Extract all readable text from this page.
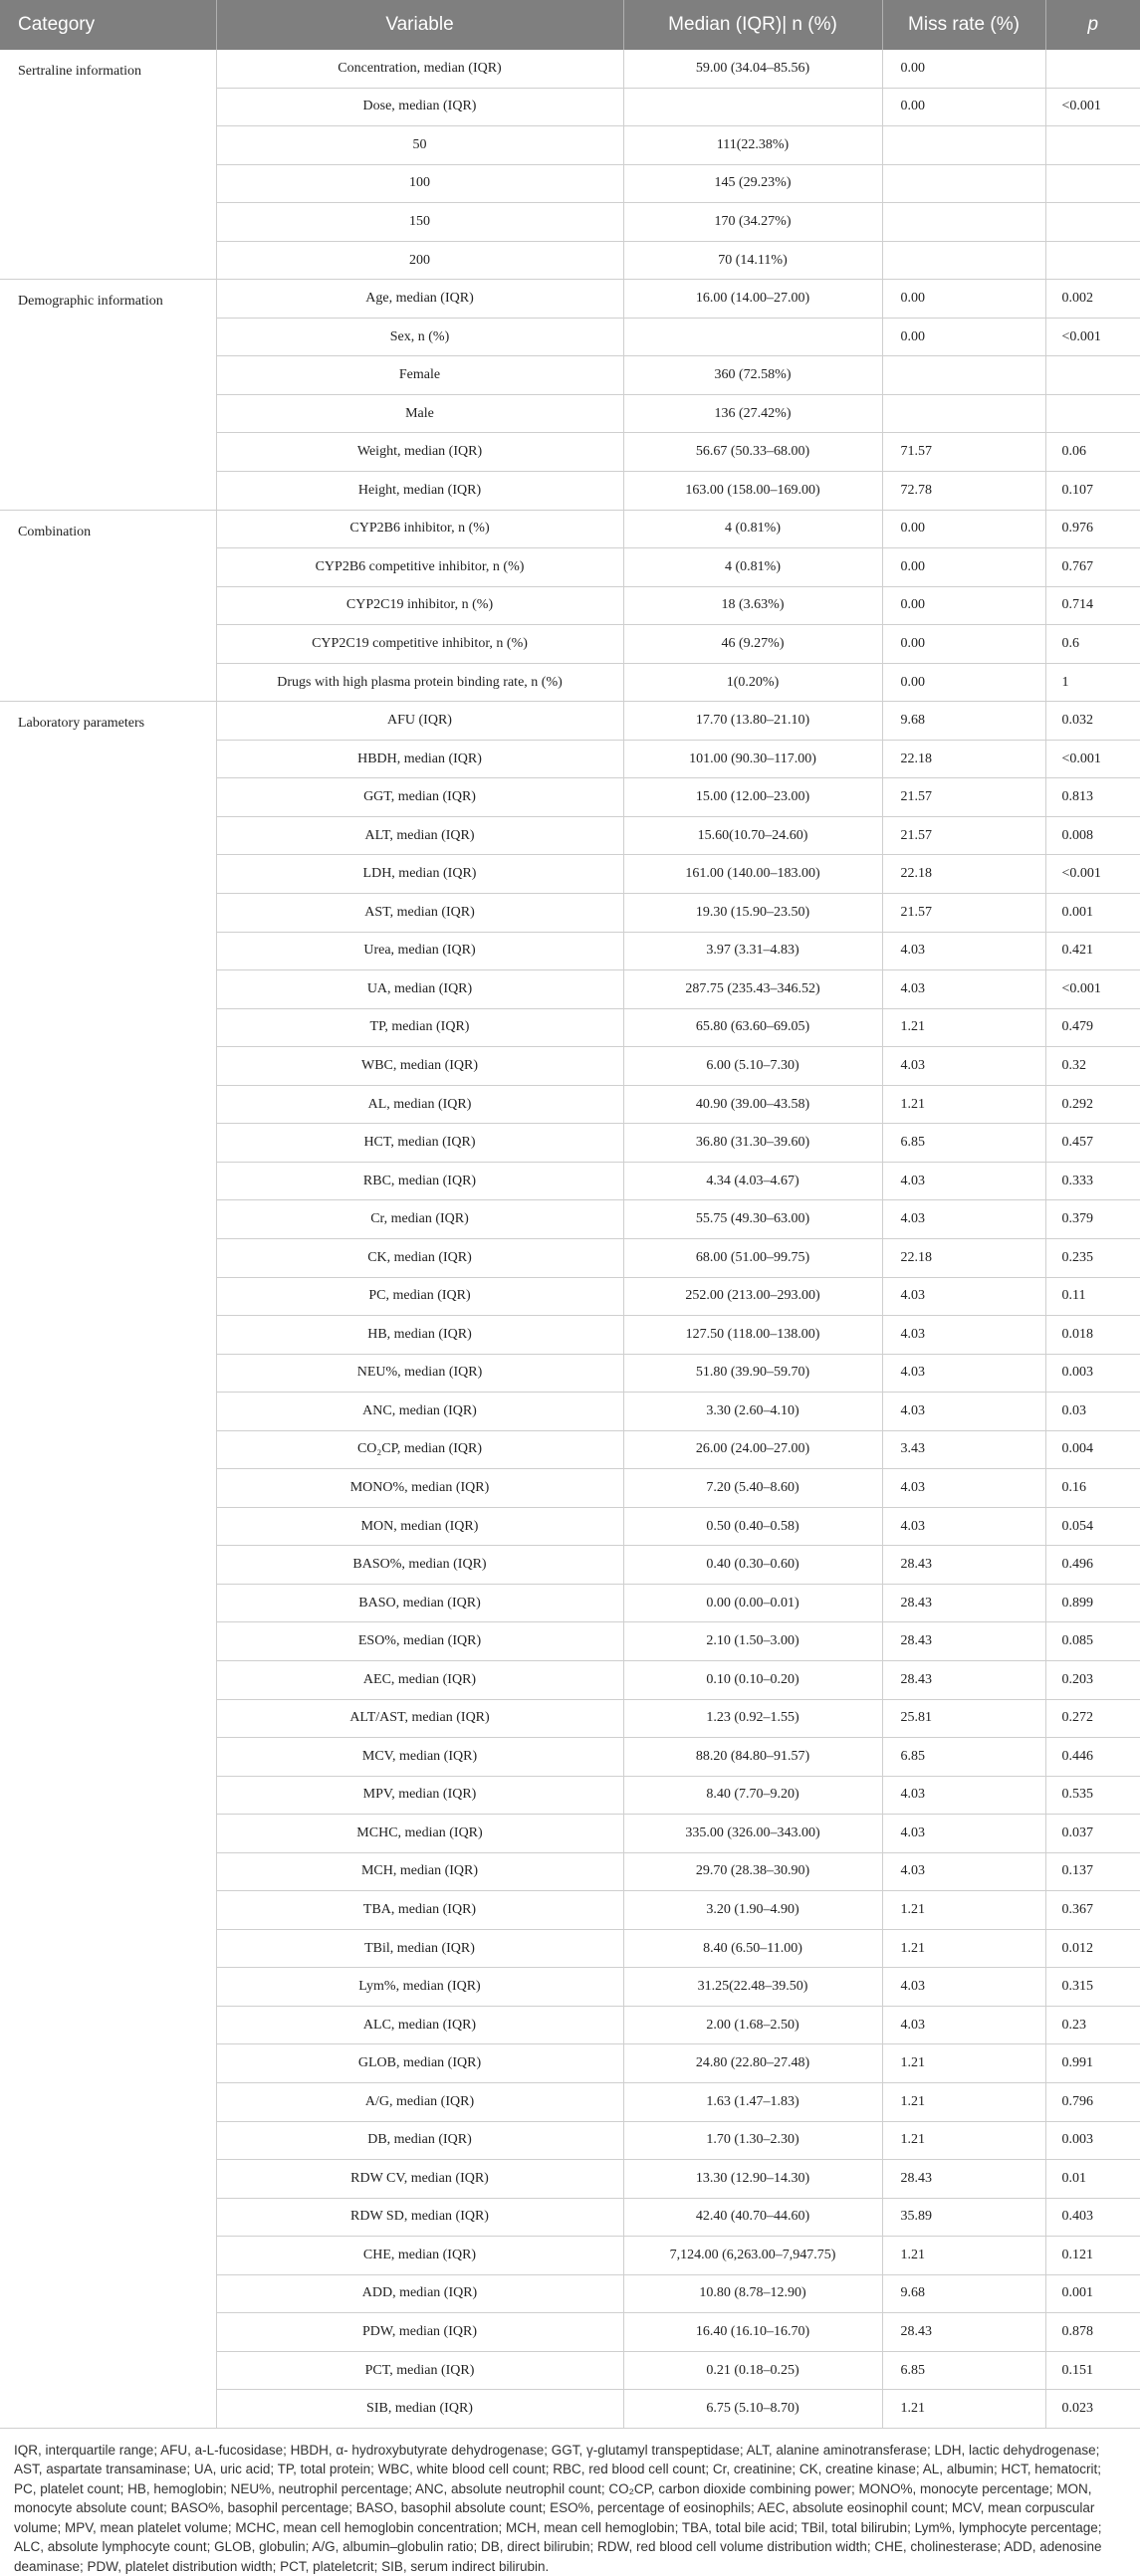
Category	Variable	Median (IQR)| n (%)	Miss rate (%)	p
Sertraline information	Concentration, median (IQR)	59.00 (34.04–85.56)	0.00	
	Dose, median (IQR)		0.00	<0.001
	50	111(22.38%)		
	100	145 (29.23%)		
	150	170 (34.27%)		
	200	70 (14.11%)		
Demographic information	Age, median (IQR)	16.00 (14.00–27.00)	0.00	0.002
	Sex, n (%)		0.00	<0.001
	Female	360 (72.58%)		
	Male	136 (27.42%)		
	Weight, median (IQR)	56.67 (50.33–68.00)	71.57	0.06
	Height, median (IQR)	163.00 (158.00–169.00)	72.78	0.107
Combination	CYP2B6 inhibitor, n (%)	4 (0.81%)	0.00	0.976
	CYP2B6 competitive inhibitor, n (%)	4 (0.81%)	0.00	0.767
	CYP2C19 inhibitor, n (%)	18 (3.63%)	0.00	0.714
	CYP2C19 competitive inhibitor, n (%)	46 (9.27%)	0.00	0.6
	Drugs with high plasma protein binding rate, n (%)	1(0.20%)	0.00	1
Laboratory parameters	AFU (IQR)	17.70 (13.80–21.10)	9.68	0.032
	HBDH, median (IQR)	101.00 (90.30–117.00)	22.18	<0.001
	GGT, median (IQR)	15.00 (12.00–23.00)	21.57	0.813
	ALT, median (IQR)	15.60(10.70–24.60)	21.57	0.008
	LDH, median (IQR)	161.00 (140.00–183.00)	22.18	<0.001
	AST, median (IQR)	19.30 (15.90–23.50)	21.57	0.001
	Urea, median (IQR)	3.97 (3.31–4.83)	4.03	0.421
	UA, median (IQR)	287.75 (235.43–346.52)	4.03	<0.001
	TP, median (IQR)	65.80 (63.60–69.05)	1.21	0.479
	WBC, median (IQR)	6.00 (5.10–7.30)	4.03	0.32
	AL, median (IQR)	40.90 (39.00–43.58)	1.21	0.292
	HCT, median (IQR)	36.80 (31.30–39.60)	6.85	0.457
	RBC, median (IQR)	4.34 (4.03–4.67)	4.03	0.333
	Cr, median (IQR)	55.75 (49.30–63.00)	4.03	0.379
	CK, median (IQR)	68.00 (51.00–99.75)	22.18	0.235
	PC, median (IQR)	252.00 (213.00–293.00)	4.03	0.11
	HB, median (IQR)	127.50 (118.00–138.00)	4.03	0.018
	NEU%, median (IQR)	51.80 (39.90–59.70)	4.03	0.003
	ANC, median (IQR)	3.30 (2.60–4.10)	4.03	0.03
	CO₂CP, median (IQR)	26.00 (24.00–27.00)	3.43	0.004
	MONO%, median (IQR)	7.20 (5.40–8.60)	4.03	0.16
	MON, median (IQR)	0.50 (0.40–0.58)	4.03	0.054
	BASO%, median (IQR)	0.40 (0.30–0.60)	28.43	0.496
	BASO, median (IQR)	0.00 (0.00–0.01)	28.43	0.899
	ESO%, median (IQR)	2.10 (1.50–3.00)	28.43	0.085
	AEC, median (IQR)	0.10 (0.10–0.20)	28.43	0.203
	ALT/AST, median (IQR)	1.23 (0.92–1.55)	25.81	0.272
	MCV, median (IQR)	88.20 (84.80–91.57)	6.85	0.446
	MPV, median (IQR)	8.40 (7.70–9.20)	4.03	0.535
	MCHC, median (IQR)	335.00 (326.00–343.00)	4.03	0.037
	MCH, median (IQR)	29.70 (28.38–30.90)	4.03	0.137
	TBA, median (IQR)	3.20 (1.90–4.90)	1.21	0.367
	TBil, median (IQR)	8.40 (6.50–11.00)	1.21	0.012
	Lym%, median (IQR)	31.25(22.48–39.50)	4.03	0.315
	ALC, median (IQR)	2.00 (1.68–2.50)	4.03	0.23
	GLOB, median (IQR)	24.80 (22.80–27.48)	1.21	0.991
	A/G, median (IQR)	1.63 (1.47–1.83)	1.21	0.796
	DB, median (IQR)	1.70 (1.30–2.30)	1.21	0.003
	RDW CV, median (IQR)	13.30 (12.90–14.30)	28.43	0.01
	RDW SD, median (IQR)	42.40 (40.70–44.60)	35.89	0.403
	CHE, median (IQR)	7,124.00 (6,263.00–7,947.75)	1.21	0.121
	ADD, median (IQR)	10.80 (8.78–12.90)	9.68	0.001
	PDW, median (IQR)	16.40 (16.10–16.70)	28.43	0.878
	PCT, median (IQR)	0.21 (0.18–0.25)	6.85	0.151
	SIB, median (IQR)	6.75 (5.10–8.70)	1.21	0.023
IQR, interquartile range; AFU, a-L-fucosidase; HBDH, α- hydroxybutyrate dehydrogenase; GGT, γ-glutamyl transpeptidase; ALT, alanine aminotransferase; LDH, lactic dehydrogenase; AST, aspartate transaminase; UA, uric acid; TP, total protein; WBC, white blood cell count; RBC, red blood cell count; Cr, creatinine; CK, creatine kinase; AL, albumin; HCT, hematocrit; PC, platelet count; HB, hemoglobin; NEU%, neutrophil percentage; ANC, absolute neutrophil count; CO₂CP, carbon dioxide combining power; MONO%, monocyte percentage; MON, monocyte absolute count; BASO%, basophil percentage; BASO, basophil absolute count; ESO%, percentage of eosinophils; AEC, absolute eosinophil count; MCV, mean corpuscular volume; MPV, mean platelet volume; MCHC, mean cell hemoglobin concentration; MCH, mean cell hemoglobin; TBA, total bile acid; TBil, total bilirubin; Lym%, lymphocyte percentage; ALC, absolute lymphocyte count; GLOB, globulin; A/G, albumin–globulin ratio; DB, direct bilirubin; RDW, red blood cell volume distribution width; CHE, cholinesterase; ADD, adenosine deaminase; PDW, platelet distribution width; PCT, plateletcrit; SIB, serum indirect bilirubin.
